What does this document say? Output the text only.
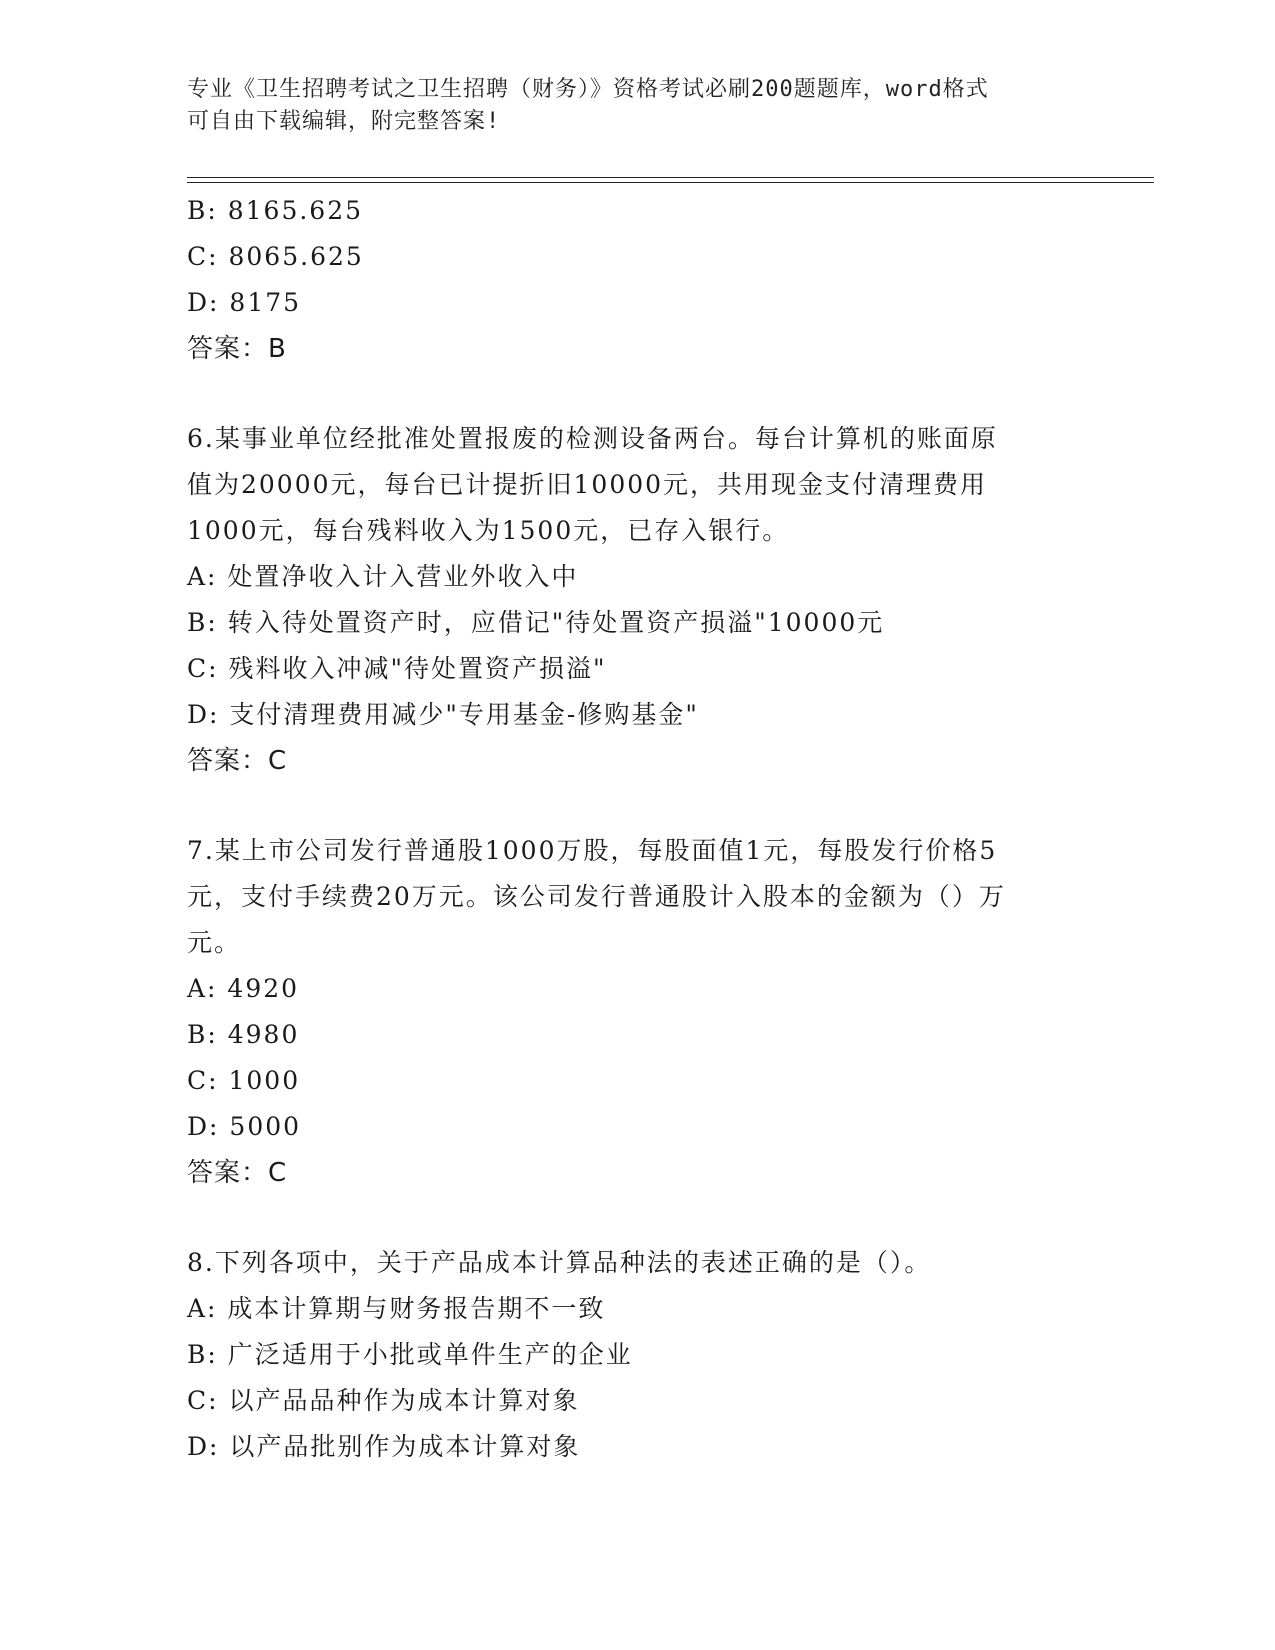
专业《卫生招聘考试之卫生招聘（财务）》资格考试必刷200题题库，word格式
可自由下载编辑，附完整答案!
B: 8165.625
C: 8065.625
D: 8175
答案：B
6.某事业单位经批准处置报废的检测设备两台。每台计算机的账面原
值为20000元，每台已计提折旧10000元，共用现金支付清理费用
1000元，每台残料收入为1500元，已存入银行。
A: 处置净收入计入营业外收入中
B: 转入待处置资产时，应借记"待处置资产损溢"10000元
C: 残料收入冲减"待处置资产损溢"
D: 支付清理费用减少"专用基金-修购基金"
答案：C
7.某上市公司发行普通股1000万股，每股面值1元，每股发行价格5
元，支付手续费20万元。该公司发行普通股计入股本的金额为（）万
元。
A: 4920
B: 4980
C: 1000
D: 5000
答案：C
8.下列各项中，关于产品成本计算品种法的表述正确的是（）。
A: 成本计算期与财务报告期不一致
B: 广泛适用于小批或单件生产的企业
C: 以产品品种作为成本计算对象
D: 以产品批别作为成本计算对象
